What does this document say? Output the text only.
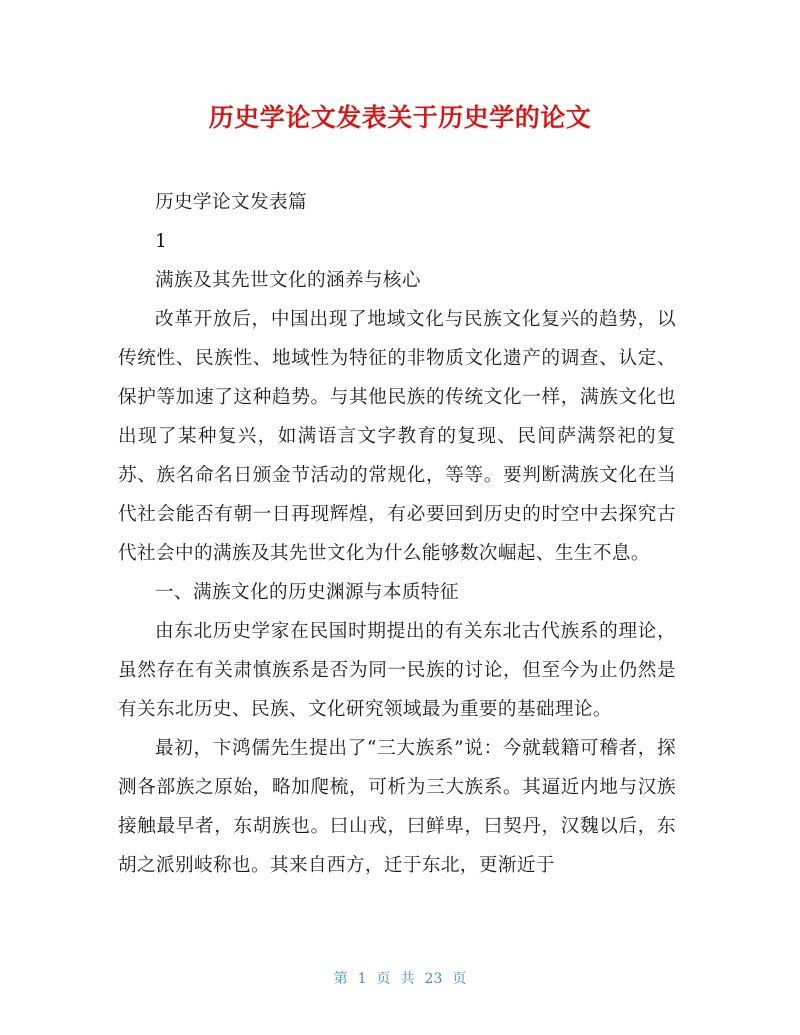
历史学论文发表关于历史学的论文

历史学论文发表篇

1

满族及其先世文化的涵养与核心

改革开放后，中国出现了地域文化与民族文化复兴的趋势，以传统性、民族性、地域性为特征的非物质文化遗产的调查、认定、保护等加速了这种趋势。与其他民族的传统文化一样，满族文化也出现了某种复兴，如满语言文字教育的复现、民间萨满祭祀的复苏、族名命名日颁金节活动的常规化，等等。要判断满族文化在当代社会能否有朝一日再现辉煌，有必要回到历史的时空中去探究古代社会中的满族及其先世文化为什么能够数次崛起、生生不息。

一、满族文化的历史渊源与本质特征

由东北历史学家在民国时期提出的有关东北古代族系的理论，虽然存在有关肃慎族系是否为同一民族的讨论，但至今为止仍然是有关东北历史、民族、文化研究领域最为重要的基础理论。

最初，卞鸿儒先生提出了“三大族系”说：今就载籍可稽者，探测各部族之原始，略加爬梳，可析为三大族系。其逼近内地与汉族接触最早者，东胡族也。曰山戎，曰鲜卑，曰契丹，汉魏以后，东胡之派别岐称也。其来自西方，迁于东北，更渐近于

第 1 页 共 23 页
